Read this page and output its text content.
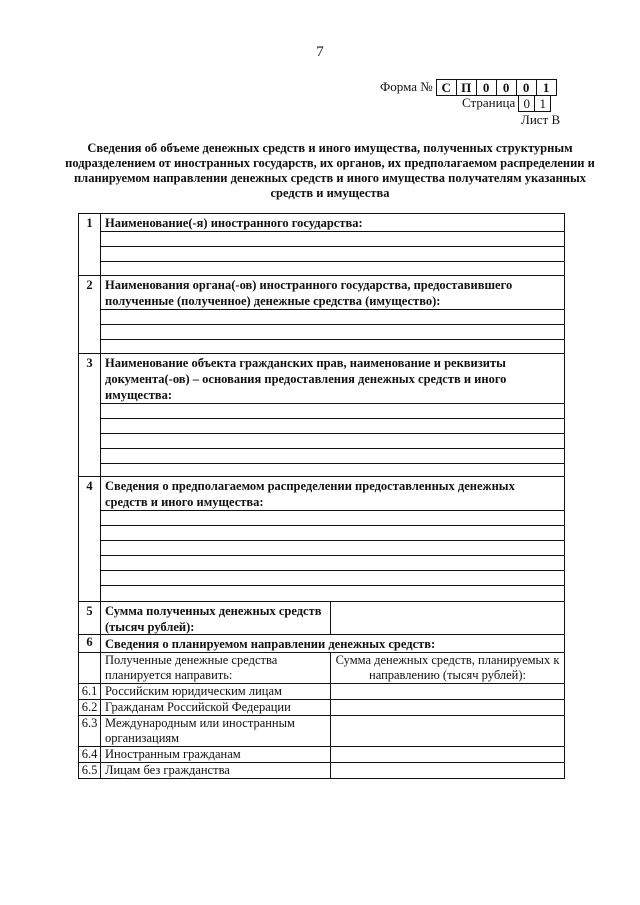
7
Форма № С П 0	0	0	1
Страница 0 1
Лист В
Сведения об объеме денежных средств и иного имущества, полученных структурным подразделением от иностранных государств, их органов, их предполагаемом распределении и планируемом направлении денежных средств и иного имущества получателям указанных средств и имущества
1 Наименование(-я) иностранного государства:
2 Наименования органа(-ов) иностранного государства, предоставившего полученные (полученное) денежные средства (имущество):
3 Наименование объекта гражданских прав, наименование и реквизиты документа(-ов) – основания предоставления денежных средств и иного имущества:
4 Сведения о предполагаемом распределении предоставленных денежных средств и иного имущества:
5 Сумма полученных денежных средств (тысяч рублей):
6 Сведения о планируемом направлении денежных средств:
Полученные денежные средства планируется направить:
Сумма денежных средств, планируемых к направлению (тысяч рублей):
6.1 Российским юридическим лицам
6.2 Гражданам Российской Федерации
6.3 Международным или иностранным организациям
6.4 Иностранным гражданам
6.5 Лицам без гражданства
